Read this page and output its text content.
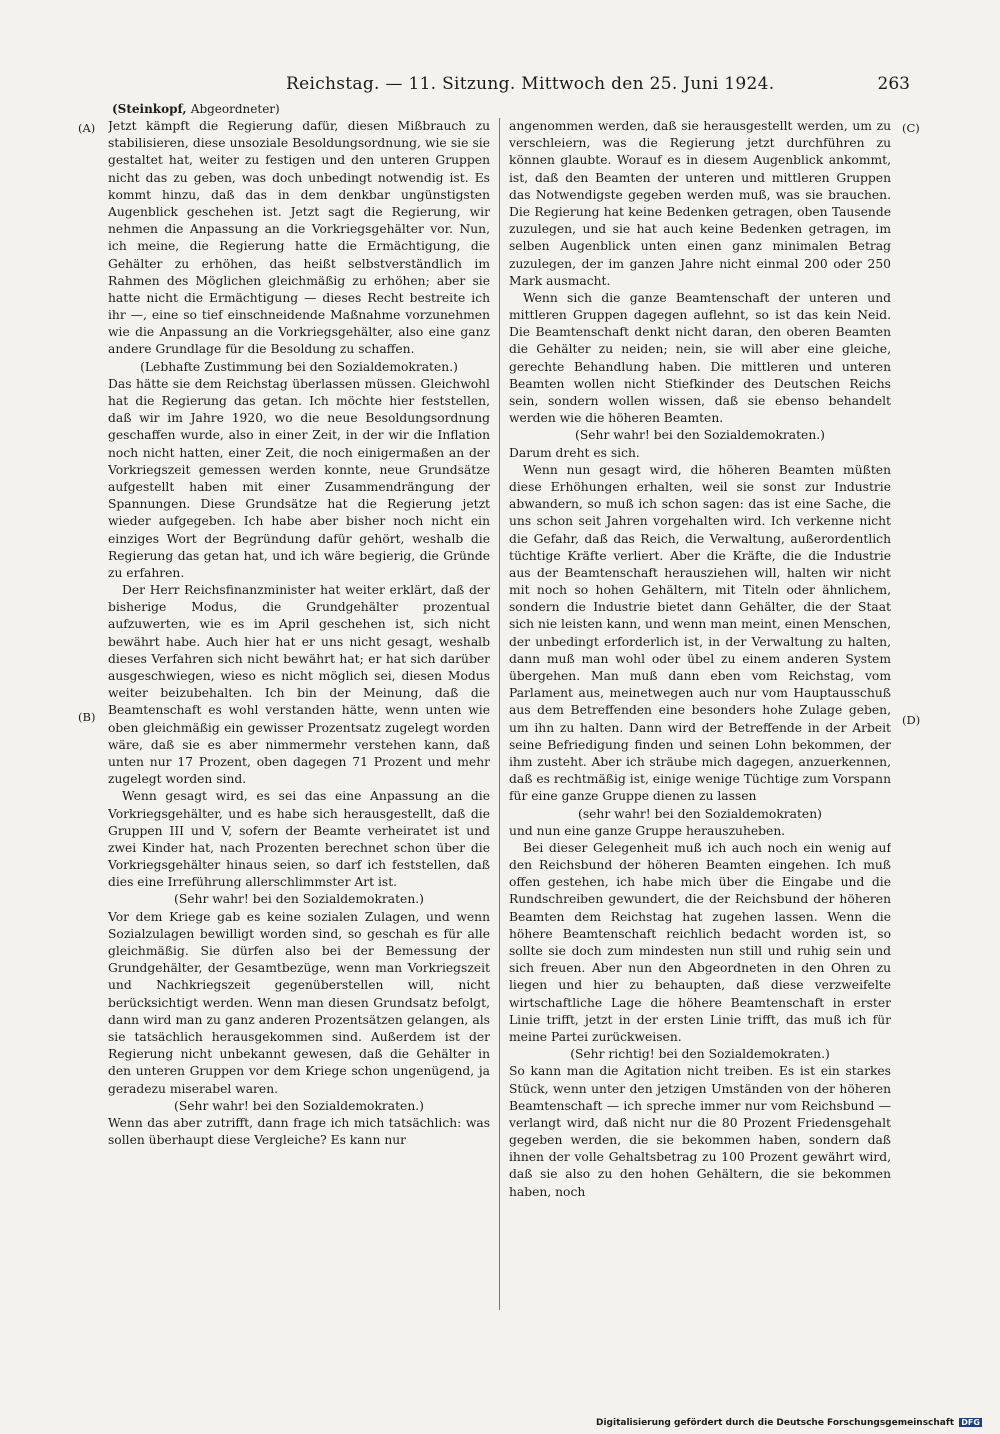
Reichstag. — 11. Sitzung. Mittwoch den 25. Juni 1924.	263
(Steinkopf, Abgeordneter)
(A)
(B)
(C)
(D)

Jetzt kämpft die Regierung dafür, diesen Mißbrauch zu stabilisieren, diese unsoziale Besoldungsordnung, wie sie sie gestaltet hat, weiter zu festigen und den unteren Gruppen nicht das zu geben, was doch unbedingt notwendig ist. Es kommt hinzu, daß das in dem denkbar ungünstigsten Augenblick geschehen ist. Jetzt sagt die Regierung, wir nehmen die Anpassung an die Vorkriegsgehälter vor. Nun, ich meine, die Regierung hatte die Ermächtigung, die Gehälter zu erhöhen, das heißt selbstverständlich im Rahmen des Möglichen gleichmäßig zu erhöhen; aber sie hatte nicht die Ermächtigung — dieses Recht bestreite ich ihr —, eine so tief einschneidende Maßnahme vorzunehmen wie die Anpassung an die Vorkriegsgehälter, also eine ganz andere Grundlage für die Besoldung zu schaffen.

(Lebhafte Zustimmung bei den Sozialdemokraten.)

Das hätte sie dem Reichstag überlassen müssen. Gleichwohl hat die Regierung das getan. Ich möchte hier feststellen, daß wir im Jahre 1920, wo die neue Besoldungsordnung geschaffen wurde, also in einer Zeit, in der wir die Inflation noch nicht hatten, einer Zeit, die noch einigermaßen an der Vorkriegszeit gemessen werden konnte, neue Grundsätze aufgestellt haben mit einer Zusammendrängung der Spannungen. Diese Grundsätze hat die Regierung jetzt wieder aufgegeben. Ich habe aber bisher noch nicht ein einziges Wort der Begründung dafür gehört, weshalb die Regierung das getan hat, und ich wäre begierig, die Gründe zu erfahren.

Der Herr Reichsfinanzminister hat weiter erklärt, daß der bisherige Modus, die Grundgehälter prozentual aufzuwerten, wie es im April geschehen ist, sich nicht bewährt habe. Auch hier hat er uns nicht gesagt, weshalb dieses Verfahren sich nicht bewährt hat; er hat sich darüber ausgeschwiegen, wieso es nicht möglich sei, diesen Modus weiter beizubehalten. Ich bin der Meinung, daß die Beamtenschaft es wohl verstanden hätte, wenn unten wie oben gleichmäßig ein gewisser Prozentsatz zugelegt worden wäre, daß sie es aber nimmermehr verstehen kann, daß unten nur 17 Prozent, oben dagegen 71 Prozent und mehr zugelegt worden sind.

Wenn gesagt wird, es sei das eine Anpassung an die Vorkriegsgehälter, und es habe sich herausgestellt, daß die Gruppen III und V, sofern der Beamte verheiratet ist und zwei Kinder hat, nach Prozenten berechnet schon über die Vorkriegsgehälter hinaus seien, so darf ich feststellen, daß dies eine Irreführung allerschlimmster Art ist.

(Sehr wahr! bei den Sozialdemokraten.)

Vor dem Kriege gab es keine sozialen Zulagen, und wenn Sozialzulagen bewilligt worden sind, so geschah es für alle gleichmäßig. Sie dürfen also bei der Bemessung der Grundgehälter, der Gesamtbezüge, wenn man Vorkriegszeit und Nachkriegszeit gegenüberstellen will, nicht berücksichtigt werden. Wenn man diesen Grundsatz befolgt, dann wird man zu ganz anderen Prozentsätzen gelangen, als sie tatsächlich herausgekommen sind. Außerdem ist der Regierung nicht unbekannt gewesen, daß die Gehälter in den unteren Gruppen vor dem Kriege schon ungenügend, ja geradezu miserabel waren.

(Sehr wahr! bei den Sozialdemokraten.)

Wenn das aber zutrifft, dann frage ich mich tatsächlich: was sollen überhaupt diese Vergleiche? Es kann nur

angenommen werden, daß sie herausgestellt werden, um zu verschleiern, was die Regierung jetzt durchführen zu können glaubte. Worauf es in diesem Augenblick ankommt, ist, daß den Beamten der unteren und mittleren Gruppen das Notwendigste gegeben werden muß, was sie brauchen. Die Regierung hat keine Bedenken getragen, oben Tausende zuzulegen, und sie hat auch keine Bedenken getragen, im selben Augenblick unten einen ganz minimalen Betrag zuzulegen, der im ganzen Jahre nicht einmal 200 oder 250 Mark ausmacht.

Wenn sich die ganze Beamtenschaft der unteren und mittleren Gruppen dagegen auflehnt, so ist das kein Neid. Die Beamtenschaft denkt nicht daran, den oberen Beamten die Gehälter zu neiden; nein, sie will aber eine gleiche, gerechte Behandlung haben. Die mittleren und unteren Beamten wollen nicht Stiefkinder des Deutschen Reichs sein, sondern wollen wissen, daß sie ebenso behandelt werden wie die höheren Beamten.

(Sehr wahr! bei den Sozialdemokraten.)

Darum dreht es sich.

Wenn nun gesagt wird, die höheren Beamten müßten diese Erhöhungen erhalten, weil sie sonst zur Industrie abwandern, so muß ich schon sagen: das ist eine Sache, die uns schon seit Jahren vorgehalten wird. Ich verkenne nicht die Gefahr, daß das Reich, die Verwaltung, außerordentlich tüchtige Kräfte verliert. Aber die Kräfte, die die Industrie aus der Beamtenschaft herausziehen will, halten wir nicht mit noch so hohen Gehältern, mit Titeln oder ähnlichem, sondern die Industrie bietet dann Gehälter, die der Staat sich nie leisten kann, und wenn man meint, einen Menschen, der unbedingt erforderlich ist, in der Verwaltung zu halten, dann muß man wohl oder übel zu einem anderen System übergehen. Man muß dann eben vom Reichstag, vom Parlament aus, meinetwegen auch nur vom Hauptausschuß aus dem Betreffenden eine besonders hohe Zulage geben, um ihn zu halten. Dann wird der Betreffende in der Arbeit seine Befriedigung finden und seinen Lohn bekommen, der ihm zusteht. Aber ich sträube mich dagegen, anzuerkennen, daß es rechtmäßig ist, einige wenige Tüchtige zum Vorspann für eine ganze Gruppe dienen zu lassen

(sehr wahr! bei den Sozialdemokraten)

und nun eine ganze Gruppe herauszuheben.

Bei dieser Gelegenheit muß ich auch noch ein wenig auf den Reichsbund der höheren Beamten eingehen. Ich muß offen gestehen, ich habe mich über die Eingabe und die Rundschreiben gewundert, die der Reichsbund der höheren Beamten dem Reichstag hat zugehen lassen. Wenn die höhere Beamtenschaft reichlich bedacht worden ist, so sollte sie doch zum mindesten nun still und ruhig sein und sich freuen. Aber nun den Abgeordneten in den Ohren zu liegen und hier zu behaupten, daß diese verzweifelte wirtschaftliche Lage die höhere Beamtenschaft in erster Linie trifft, jetzt in der ersten Linie trifft, das muß ich für meine Partei zurückweisen.

(Sehr richtig! bei den Sozialdemokraten.)

So kann man die Agitation nicht treiben. Es ist ein starkes Stück, wenn unter den jetzigen Umständen von der höheren Beamtenschaft — ich spreche immer nur vom Reichsbund — verlangt wird, daß nicht nur die 80 Prozent Friedensgehalt gegeben werden, die sie bekommen haben, sondern daß ihnen der volle Gehaltsbetrag zu 100 Prozent gewährt wird, daß sie also zu den hohen Gehältern, die sie bekommen haben, noch

Digitalisierung gefördert durch die Deutsche Forschungsgemeinschaft DFG
